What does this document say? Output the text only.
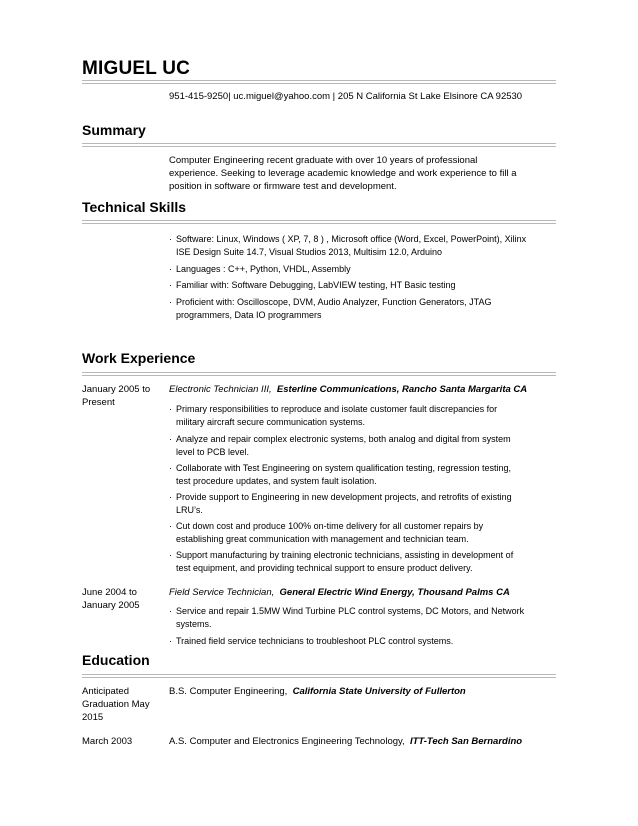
MIGUEL UC
951-415-9250| uc.miguel@yahoo.com | 205 N California St Lake Elsinore CA 92530
Summary
Computer Engineering recent graduate with over 10 years of professional
experience. Seeking to leverage academic knowledge and work experience to fill a
position in software or firmware test and development.
Technical Skills
· Software: Linux, Windows ( XP, 7, 8 ) , Microsoft office (Word, Excel, PowerPoint), Xilinx
ISE Design Suite 14.7, Visual Studios 2013, Multisim 12.0, Arduino
· Languages : C++, Python, VHDL, Assembly
· Familiar with: Software Debugging, LabVIEW testing, HT Basic testing
· Proficient with: Oscilloscope, DVM, Audio Analyzer, Function Generators, JTAG
programmers, Data IO programmers
Work Experience
January 2005 to
Present
Electronic Technician III, Esterline Communications, Rancho Santa Margarita CA
· Primary responsibilities to reproduce and isolate customer fault discrepancies for
military aircraft secure communication systems.
· Analyze and repair complex electronic systems, both analog and digital from system
level to PCB level.
· Collaborate with Test Engineering on system qualification testing, regression testing,
test procedure updates, and system fault isolation.
· Provide support to Engineering in new development projects, and retrofits of existing
LRU’s.
· Cut down cost and produce 100% on-time delivery for all customer repairs by
establishing great communication with management and technician team.
· Support manufacturing by training electronic technicians, assisting in development of
test equipment, and providing technical support to ensure product delivery.
June 2004 to
January 2005
Field Service Technician, General Electric Wind Energy, Thousand Palms CA
· Service and repair 1.5MW Wind Turbine PLC control systems, DC Motors, and Network
systems.
· Trained field service technicians to troubleshoot PLC control systems.
Education
Anticipated
Graduation May
2015
B.S. Computer Engineering, California State University of Fullerton
March 2003	A.S. Computer and Electronics Engineering Technology, ITT-Tech San Bernardino
